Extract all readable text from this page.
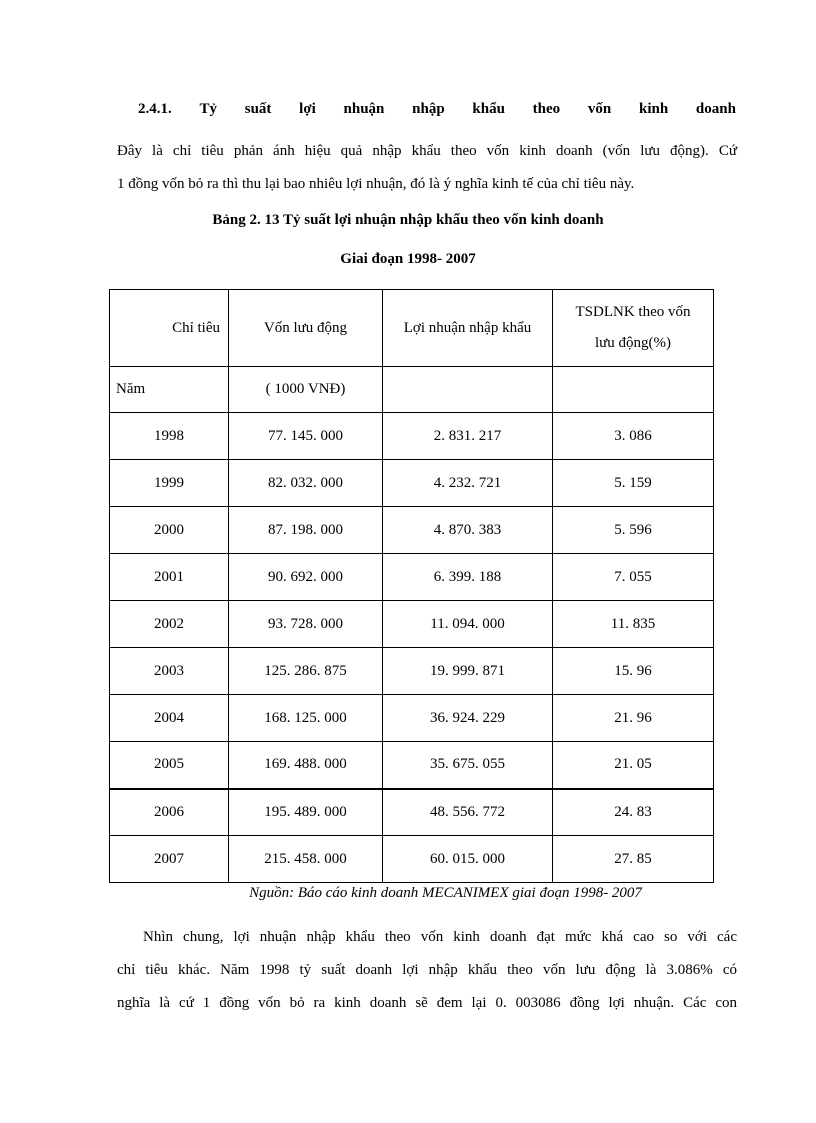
2.4.1. Tỷ suất lợi nhuận nhập khẩu theo vốn kinh doanh
Đây là chỉ tiêu phản ánh hiệu quả nhập khẩu theo vốn kinh doanh (vốn lưu động). Cứ
1 đồng vốn bỏ ra thì thu lại bao nhiêu lợi nhuận, đó là ý nghĩa kinh tế của chỉ tiêu này.
Bảng 2. 13 Tỷ suất lợi nhuận nhập khẩu theo vốn kinh doanh
Giai đoạn 1998- 2007
Chỉ tiêu	Vốn lưu động	Lợi nhuận nhập khẩu	TSDLNK theo vốn
lưu động(%)

Năm	( 1000 VNĐ)		
1998	77. 145. 000	2. 831. 217	3. 086
1999	82. 032. 000	4. 232. 721	5. 159
2000	87. 198. 000	4. 870. 383	5. 596
2001	90. 692. 000	6. 399. 188	7. 055
2002	93. 728. 000	11. 094. 000	11. 835
2003	125. 286. 875	19. 999. 871	15. 96
2004	168. 125. 000	36. 924. 229	21. 96
2005	169. 488. 000	35. 675. 055	21. 05
2006	195. 489. 000	48. 556. 772	24. 83
2007	215. 458. 000	60. 015. 000	27. 85
Nguồn: Báo cáo kinh doanh MECANIMEX giai đoạn 1998- 2007
Nhìn chung, lợi nhuận nhập khẩu theo vốn kinh doanh đạt mức khá cao so với các
chỉ tiêu khác. Năm 1998 tỷ suất doanh lợi nhập khẩu theo vốn lưu động là 3.086% có
nghĩa là cứ 1 đồng vốn bỏ ra kinh doanh sẽ đem lại 0. 003086 đồng lợi nhuận. Các con
